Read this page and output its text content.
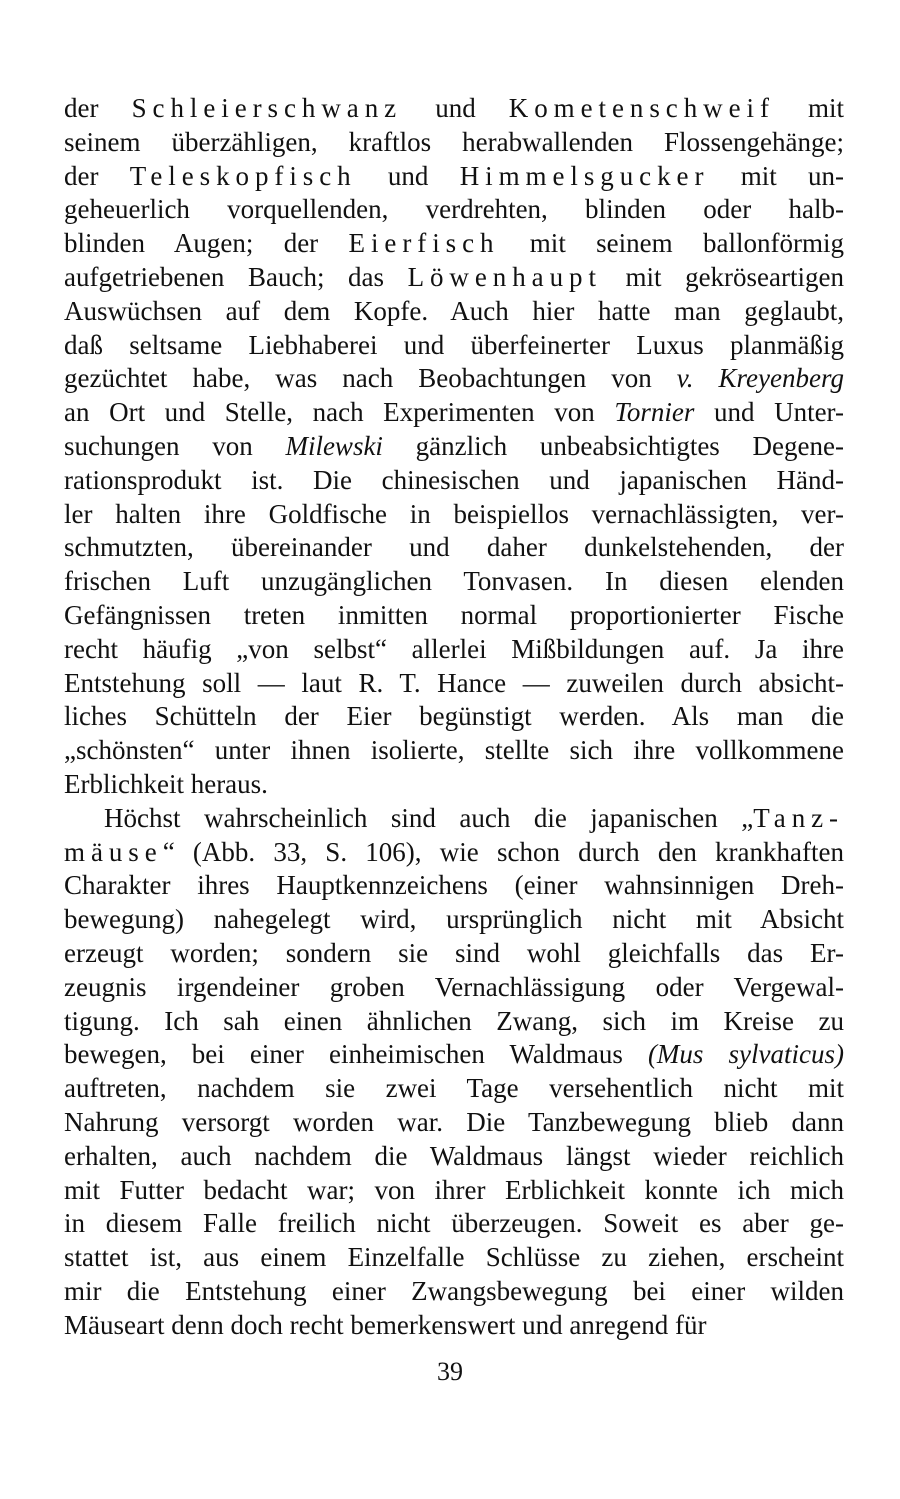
der Schleierschwanz und Kometenschweif mit
seinem überzähligen, kraftlos herabwallenden Flossengehänge;
der Teleskopfisch und Himmelsgucker mit un-
geheuerlich vorquellenden, verdrehten, blinden oder halb-
blinden Augen; der Eierfisch mit seinem ballonförmig
aufgetriebenen Bauch; das Löwenhaupt mit gekröseartigen
Auswüchsen auf dem Kopfe. Auch hier hatte man geglaubt,
daß seltsame Liebhaberei und überfeinerter Luxus planmäßig
gezüchtet habe, was nach Beobachtungen von v. Kreyenberg
an Ort und Stelle, nach Experimenten von Tornier und Unter-
suchungen von Milewski gänzlich unbeabsichtigtes Degene-
rationsprodukt ist. Die chinesischen und japanischen Händ-
ler halten ihre Goldfische in beispiellos vernachlässigten, ver-
schmutzten, übereinander und daher dunkelstehenden, der
frischen Luft unzugänglichen Tonvasen. In diesen elenden
Gefängnissen treten inmitten normal proportionierter Fische
recht häufig „von selbst“ allerlei Mißbildungen auf. Ja ihre
Entstehung soll — laut R. T. Hance — zuweilen durch absicht-
liches Schütteln der Eier begünstigt werden. Als man die
„schönsten“ unter ihnen isolierte, stellte sich ihre vollkommene
Erblichkeit heraus.
Höchst wahrscheinlich sind auch die japanischen „Tanz-
mäuse“ (Abb. 33, S. 106), wie schon durch den krankhaften
Charakter ihres Hauptkennzeichens (einer wahnsinnigen Dreh-
bewegung) nahegelegt wird, ursprünglich nicht mit Absicht
erzeugt worden; sondern sie sind wohl gleichfalls das Er-
zeugnis irgendeiner groben Vernachlässigung oder Vergewal-
tigung. Ich sah einen ähnlichen Zwang, sich im Kreise zu
bewegen, bei einer einheimischen Waldmaus (Mus sylvaticus)
auftreten, nachdem sie zwei Tage versehentlich nicht mit
Nahrung versorgt worden war. Die Tanzbewegung blieb dann
erhalten, auch nachdem die Waldmaus längst wieder reichlich
mit Futter bedacht war; von ihrer Erblichkeit konnte ich mich
in diesem Falle freilich nicht überzeugen. Soweit es aber ge-
stattet ist, aus einem Einzelfalle Schlüsse zu ziehen, erscheint
mir die Entstehung einer Zwangsbewegung bei einer wilden
Mäuseart denn doch recht bemerkenswert und anregend für
39
